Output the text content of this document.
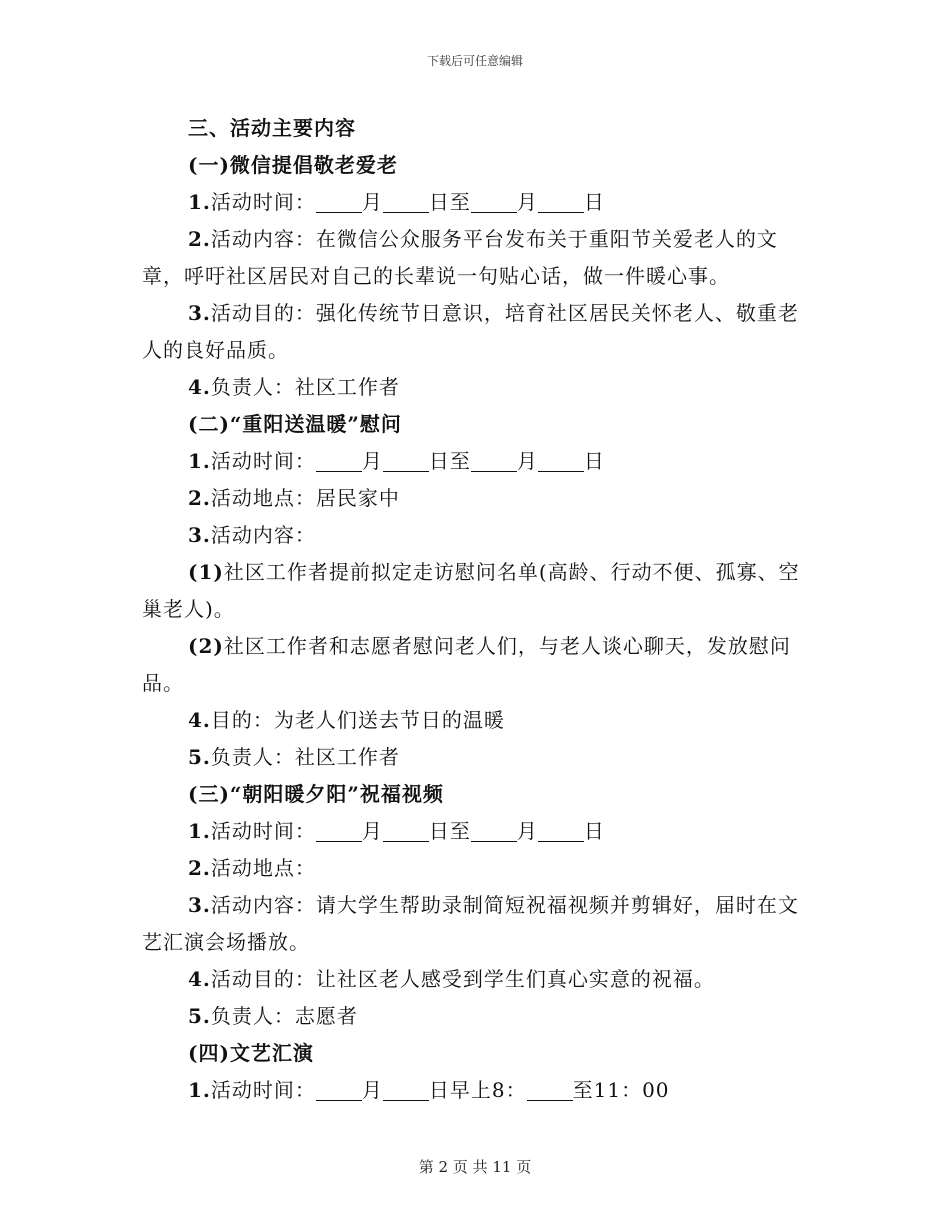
下载后可任意编辑
三、活动主要内容
(一)微信提倡敬老爱老
1.活动时间： 月 日至 月 日
2.活动内容：在微信公众服务平台发布关于重阳节关爱老人的文章，呼吁社区居民对自己的长辈说一句贴心话，做一件暖心事。
3.活动目的：强化传统节日意识，培育社区居民关怀老人、敬重老人的良好品质。
4.负责人：社区工作者
(二)“重阳送温暖”慰问
1.活动时间： 月 日至 月 日
2.活动地点：居民家中
3.活动内容：
(1)社区工作者提前拟定走访慰问名单(高龄、行动不便、孤寡、空巢老人)。
(2)社区工作者和志愿者慰问老人们，与老人谈心聊天，发放慰问品。
4.目的：为老人们送去节日的温暖
5.负责人：社区工作者
(三)“朝阳暖夕阳”祝福视频
1.活动时间： 月 日至 月 日
2.活动地点：
3.活动内容：请大学生帮助录制简短祝福视频并剪辑好，届时在文艺汇演会场播放。
4.活动目的：让社区老人感受到学生们真心实意的祝福。
5.负责人：志愿者
(四)文艺汇演
1.活动时间： 月 日早上8： 至11：00
第 2 页 共 11 页
